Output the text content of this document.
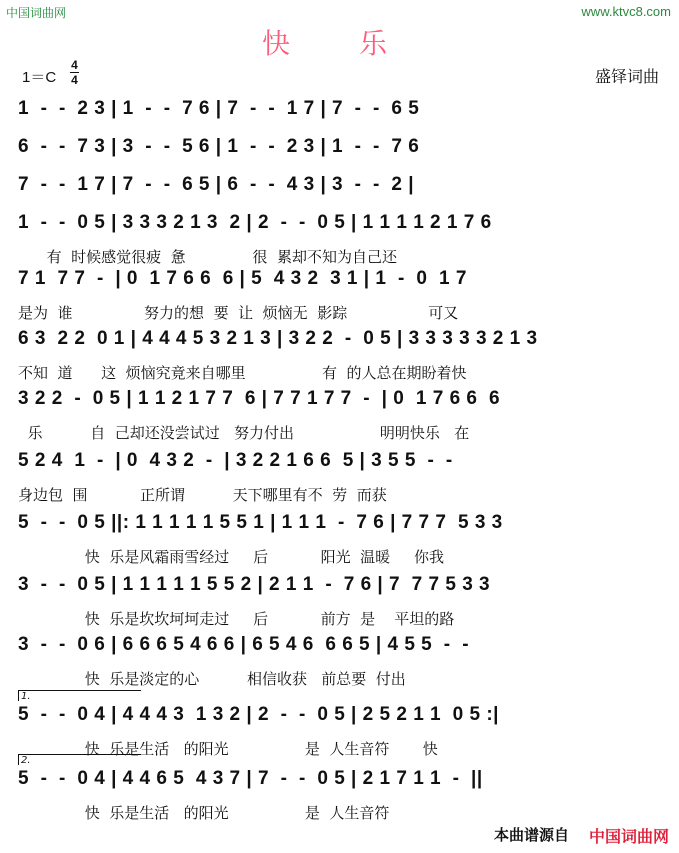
中国词曲网	www.ktvc8.com
快 乐
1＝C
4
4	盛铎词曲
1  -  -  2 3 | 1  -  -  7 6 | 7  -  -  1 7 | 7  -  -  6 5
6  -  -  7 3 | 3  -  -  5 6 | 1  -  -  2 3 | 1  -  -  7 6
7  -  -  1 7 | 7  -  -  6 5 | 6  -  -  4 3 | 3  -  -  2 |
1  -  -  0 5 | 3 3 3 2 1 3  2 | 2  -  -  0 5 | 1 1 1 1 2 1 7 6
有  时候感觉很疲  惫              很  累却不知为自己还
7 1  7 7  -  | 0  1 7 6 6  6 | 5  4 3 2  3 1 | 1  -  0  1 7
是为  谁               努力的想  要  让  烦恼无  影踪                 可又
6 3  2 2  0 1 | 4 4 4 5 3 2 1 3 | 3 2 2  -  0 5 | 3 3 3 3 3 2 1 3
不知  道      这  烦恼究竟来自哪里                有  的人总在期盼着快
3 2 2  -  0 5 | 1 1 2 1 7 7  6 | 7 7 1 7 7  -  | 0  1 7 6 6  6
乐          自  己却还没尝试过   努力付出                  明明快乐   在
5 2 4  1  -  | 0  4 3 2  -  | 3 2 2 1 6 6  5 | 3 5 5  -  -
身边包  围           正所谓          天下哪里有不  劳  而获
5  -  -  0 5 ||: 1 1 1 1 1 5 5 1 | 1 1 1  -  7 6 | 7 7 7  5 3 3
快  乐是风霜雨雪经过     后           阳光  温暖     你我
3  -  -  0 5 | 1 1 1 1 1 5 5 2 | 2 1 1  -  7 6 | 7  7 7 5 3 3
快  乐是坎坎坷坷走过     后           前方  是    平坦的路
3  -  -  0 6 | 6 6 6 5 4 6 6 | 6 5 4 6  6 6 5 | 4 5 5  -  -
快  乐是淡定的心          相信收获   前总要  付出
1.
5  -  -  0 4 | 4 4 4 3  1 3 2 | 2  -  -  0 5 | 2 5 2 1 1  0 5 :|
快  乐是生活   的阳光                是  人生音符       快
2.
5  -  -  0 4 | 4 4 6 5  4 3 7 | 7  -  -  0 5 | 2 1 7 1 1  -  ||
快  乐是生活   的阳光                是  人生音符
本曲谱源自 中国词曲网
